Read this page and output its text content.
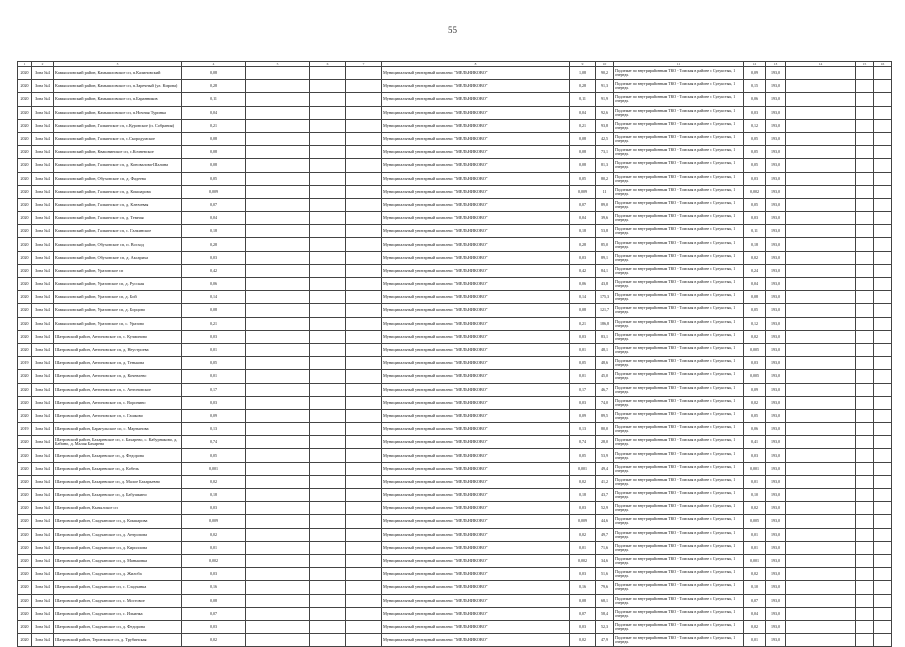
55
1	2	3	4	5	6	7	8	9	10	11	12	13	14	15	16
2020	Зона №4	Камышловский район, Камышловское сп, п.Калиновский	0,08				Муниципальный унитарный комплекс "МЕЛЬНИКОВО"	1,08	90,2	Подлежат по внутрирайонным ТКО - Томская в районе с Сулукстык, 1 очередь	0,09	193,0			
2020	Зона №4	Камышловский район, Камышловское сп, п.Заречный (ул. Кирова)	0,28				Муниципальный унитарный комплекс "МЕЛЬНИКОВО"	0,28	91,3	Подлежат по внутрирайонным ТКО - Томская в районе с Сулукстык, 1 очередь	0,15	193,0			
2020	Зона №4	Камышловский район, Камышловское сп, п.Баранников	0,11				Муниципальный унитарный комплекс "МЕЛЬНИКОВО"	0,11	91,9	Подлежат по внутрирайонным ТКО - Томская в районе с Сулукстык, 1 очередь	0,06	193,0			
2020	Зона №4	Камышловский район, Камышловское сп, п.Ночная Туринка	0,04				Муниципальный унитарный комплекс "МЕЛЬНИКОВО"	0,04	92,6	Подлежат по внутрирайонным ТКО - Томская в районе с Сулукстык, 1 очередь	0,03	193,0			
2020	Зона №4	Камышловский район, Галкинское сп, с.Куровское (п. Собрания)	0,21				Муниципальный унитарный комплекс "МЕЛЬНИКОВО"	0,21	93,8	Подлежат по внутрирайонным ТКО - Томская в районе с Сулукстык, 1 очередь	0,12	193,0			
2020	Зона №4	Камышловский район, Галкинское сп, с.Скородумское	0,08				Муниципальный унитарный комплекс "МЕЛЬНИКОВО"	0,08	42,5	Подлежат по внутрирайонным ТКО - Томская в районе с Сулукстык, 1 очередь	0,05	193,0			
2020	Зона №4	Камышловский район, Квашнинское сп, с.Кочневское	0,08				Муниципальный унитарный комплекс "МЕЛЬНИКОВО"	0,08	73,1	Подлежат по внутрирайонным ТКО - Томская в районе с Сулукстык, 1 очередь	0,05	193,0			
2020	Зона №4	Камышловский район, Галкинское сп, д. Коновалова-Шалина	0,08				Муниципальный унитарный комплекс "МЕЛЬНИКОВО"	0,08	81,3	Подлежат по внутрирайонным ТКО - Томская в районе с Сулукстык, 1 очередь	0,05	193,0			
2020	Зона №4	Камышловский район, Обуховское сп, д. Фадеева	0,05				Муниципальный унитарный комплекс "МЕЛЬНИКОВО"	0,05	80,2	Подлежат по внутрирайонным ТКО - Томская в районе с Сулукстык, 1 очередь	0,03	193,0			
2020	Зона №4	Камышловский район, Галкинское сп, д. Кокшарова	0,009				Муниципальный унитарный комплекс "МЕЛЬНИКОВО"	0,009	11	Подлежат по внутрирайонным ТКО - Томская в районе с Сулукстык, 1 очередь	0,002	193,0			
2020	Зона №4	Камышловский район, Галкинское сп, д. Ключевая	0,07				Муниципальный унитарный комплекс "МЕЛЬНИКОВО"	0,07	89,0	Подлежат по внутрирайонным ТКО - Томская в районе с Сулукстык, 1 очередь	0,05	193,0			
2020	Зона №4	Камышловский район, Галкинское сп, д. Темная	0,04				Муниципальный унитарный комплекс "МЕЛЬНИКОВО"	0,04	39,6	Подлежат по внутрирайонным ТКО - Томская в районе с Сулукстык, 1 очередь	0,03	193,0			
2020	Зона №4	Камышловский район, Галкинское сп, с. Галкинское	0,18				Муниципальный унитарный комплекс "МЕЛЬНИКОВО"	0,18	53,8	Подлежат по внутрирайонным ТКО - Томская в районе с Сулукстык, 1 очередь	0,11	193,0			
2020	Зона №4	Камышловский район, Обуховское сп, п. Восход	0,28				Муниципальный унитарный комплекс "МЕЛЬНИКОВО"	0,28	85,0	Подлежат по внутрирайонным ТКО - Томская в районе с Сулукстык, 1 очередь	0,18	193,0			
2020	Зона №4	Камышловский район, Обуховское сп, д. Аксарихa	0,03				Муниципальный унитарный комплекс "МЕЛЬНИКОВО"	0,03	89,1	Подлежат по внутрирайонным ТКО - Томская в районе с Сулукстык, 1 очередь	0,02	193,0			
2020	Зона №4	Камышловский район, Уразовское сп	0,42				Муниципальный унитарный комплекс "МЕЛЬНИКОВО"	0,42	84,1	Подлежат по внутрирайонным ТКО - Томская в районе с Сулукстык, 1 очередь	0,24	193,0			
2020	Зона №4	Камышловский район, Уразовское сп, д. Русская	0,06				Муниципальный унитарный комплекс "МЕЛЬНИКОВО"	0,06	43,8	Подлежат по внутрирайонным ТКО - Томская в районе с Сулукстык, 1 очередь	0,04	193,0			
2020	Зона №4	Камышловский район, Уразовское сп, д. Бой	0,14				Муниципальный унитарный комплекс "МЕЛЬНИКОВО"	0,14	175,3	Подлежат по внутрирайонным ТКО - Томская в районе с Сулукстык, 1 очередь	0,08	193,0			
2020	Зона №4	Камышловский район, Уразовское сп, д. Борцово	0,08				Муниципальный унитарный комплекс "МЕЛЬНИКОВО"	0,08	121,7	Подлежат по внутрирайонным ТКО - Томская в районе с Сулукстык, 1 очередь	0,05	193,0			
2020	Зона №4	Камышловский район, Уразовское сп, с. Уразово	0,21				Муниципальный унитарный комплекс "МЕЛЬНИКОВО"	0,21	186,8	Подлежат по внутрирайонным ТКО - Томская в районе с Сулукстык, 1 очередь	0,12	193,0			
2020	Зона №4	Шатровский район, Антоновское сп, с. Кузминово	0,03				Муниципальный унитарный комплекс "МЕЛЬНИКОВО"	0,03	83,1	Подлежат по внутрирайонным ТКО - Томская в районе с Сулукстык, 1 очередь	0,02	193,0			
2020	Зона №4	Шатровский район, Антоновское сп, д. Неустроева	0,01				Муниципальный унитарный комплекс "МЕЛЬНИКОВО"	0,01	48,1	Подлежат по внутрирайонным ТКО - Томская в районе с Сулукстык, 1 очередь	0,005	193,0			
2019	Зона №4	Шатровский район, Антоновское сп, д. Тенькова	0,05				Муниципальный унитарный комплекс "МЕЛЬНИКОВО"	0,05	48,6	Подлежат по внутрирайонным ТКО - Томская в районе с Сулукстык, 1 очередь	0,03	193,0			
2020	Зона №4	Шатровский район, Антоновское сп, д. Кочевлево	0,01				Муниципальный унитарный комплекс "МЕЛЬНИКОВО"	0,01	45,0	Подлежат по внутрирайонным ТКО - Томская в районе с Сулукстык, 1 очередь	0,005	193,0			
2020	Зона №4	Шатровский район, Антоновское сп, с. Антоновское	0,17				Муниципальный унитарный комплекс "МЕЛЬНИКОВО"	0,17	46,7	Подлежат по внутрирайонным ТКО - Томская в районе с Сулукстык, 1 очередь	0,09	193,0			
2020	Зона №4	Шатровский район, Антоновское сп, с. Воронино	0,03				Муниципальный унитарный комплекс "МЕЛЬНИКОВО"	0,03	74,0	Подлежат по внутрирайонным ТКО - Томская в районе с Сулукстык, 1 очередь	0,02	193,0			
2020	Зона №4	Шатровский район, Антоновское сп, с. Гашково	0,09				Муниципальный унитарный комплекс "МЕЛЬНИКОВО"	0,09	89,5	Подлежат по внутрирайонным ТКО - Томская в районе с Сулукстык, 1 очередь	0,05	193,0			
2019	Зона №4	Шатровский район, Барагульское сп, с. Мартынова	0,13				Муниципальный унитарный комплекс "МЕЛЬНИКОВО"	0,13	80,0	Подлежат по внутрирайонным ТКО - Томская в районе с Сулукстык, 1 очередь	0,06	193,0			
2020	Зона №4	Шатровский район, Бахаревское сп, с. Бахарево, с. Кабурнаково, д. Бабино, д. Малая Бахарева	0,74				Муниципальный унитарный комплекс "МЕЛЬНИКОВО"	0,74	28,0	Подлежат по внутрирайонным ТКО - Томская в районе с Сулукстык, 1 очередь	0,41	193,0			
2020	Зона №4	Шатровский район, Бахаревское сп, д. Федорова	0,05				Муниципальный унитарный комплекс "МЕЛЬНИКОВО"	0,05	53,9	Подлежат по внутрирайонным ТКО - Томская в районе с Сулукстык, 1 очередь	0,03	193,0			
2020	Зона №4	Шатровский район, Бахаревское сп, д. Кобель	0,001				Муниципальный унитарный комплекс "МЕЛЬНИКОВО"	0,001	49,4	Подлежат по внутрирайонным ТКО - Томская в районе с Сулукстык, 1 очередь	0,001	193,0			
2020	Зона №4	Шатровский район, Бахаревское сп, д. Малое Бахарьевно	0,02				Муниципальный унитарный комплекс "МЕЛЬНИКОВО"	0,02	41,2	Подлежат по внутрирайонным ТКО - Томская в районе с Сулукстык, 1 очередь	0,01	193,0			
2020	Зона №4	Шатровский район, Бахаревское сп, д. Бабушкино	0,18				Муниципальный унитарный комплекс "МЕЛЬНИКОВО"	0,18	43,7	Подлежат по внутрирайонным ТКО - Томская в районе с Сулукстык, 1 очередь	0,10	193,0			
2020	Зона №4	Шатровский район, Кызылское сп	0,03				Муниципальный унитарный комплекс "МЕЛЬНИКОВО"	0,03	52,9	Подлежат по внутрирайонным ТКО - Томская в районе с Сулукстык, 1 очередь	0,02	193,0			
2020	Зона №4	Шатровский район, Сладчанское сп, д. Кокшарова	0,009				Муниципальный унитарный комплекс "МЕЛЬНИКОВО"	0,009	44,6	Подлежат по внутрирайонным ТКО - Томская в районе с Сулукстык, 1 очередь	0,005	193,0			
2020	Зона №4	Шатровский район, Сладчанское сп, д. Антропова	0,02				Муниципальный унитарный комплекс "МЕЛЬНИКОВО"	0,02	49,7	Подлежат по внутрирайонным ТКО - Томская в районе с Сулукстык, 1 очередь	0,01	193,0			
2020	Зона №4	Шатровский район, Сладчанское сп, д. Кириллова	0,01				Муниципальный унитарный комплекс "МЕЛЬНИКОВО"	0,01	71,6	Подлежат по внутрирайонным ТКО - Томская в районе с Сулукстык, 1 очередь	0,01	193,0			
2020	Зона №4	Шатровский район, Сладчанское сп, д. Маньковка	0,002				Муниципальный унитарный комплекс "МЕЛЬНИКОВО"	0,002	34,6	Подлежат по внутрирайонным ТКО - Томская в районе с Сулукстык, 1 очередь	0,001	193,0			
2020	Зона №4	Шатровский район, Сладчанское сп, д. Жилоба	0,03				Муниципальный унитарный комплекс "МЕЛЬНИКОВО"	0,03	51,6	Подлежат по внутрирайонным ТКО - Томская в районе с Сулукстык, 1 очередь	0,02	193,0			
2020	Зона №4	Шатровский район, Сладчанское сп, с. Сладчанка	0,16				Муниципальный унитарный комплекс "МЕЛЬНИКОВО"	0,16	79,6	Подлежат по внутрирайонным ТКО - Томская в районе с Сулукстык, 1 очередь	0,10	193,0			
2020	Зона №4	Шатровский район, Сладчанское сп, с. Мостовое	0,08				Муниципальный унитарный комплекс "МЕЛЬНИКОВО"	0,08	68,1	Подлежат по внутрирайонным ТКО - Томская в районе с Сулукстык, 1 очередь	0,07	193,0			
2020	Зона №4	Шатровский район, Сладчанское сп, с. Ильинка	0,07				Муниципальный унитарный комплекс "МЕЛЬНИКОВО"	0,07	58,4	Подлежат по внутрирайонным ТКО - Томская в районе с Сулукстык, 1 очередь	0,04	193,0			
2020	Зона №4	Шатровский район, Сладчанское сп, д. Федорова	0,03				Муниципальный унитарный комплекс "МЕЛЬНИКОВО"	0,03	52,3	Подлежат по внутрирайонным ТКО - Томская в районе с Сулукстык, 1 очередь	0,02	193,0			
2020	Зона №4	Шатровский район, Терсюкское сп, д. Трубинская	0,02				Муниципальный унитарный комплекс "МЕЛЬНИКОВО"	0,02	47,9	Подлежат по внутрирайонным ТКО - Томская в районе с Сулукстык, 1 очередь	0,01	193,0			
